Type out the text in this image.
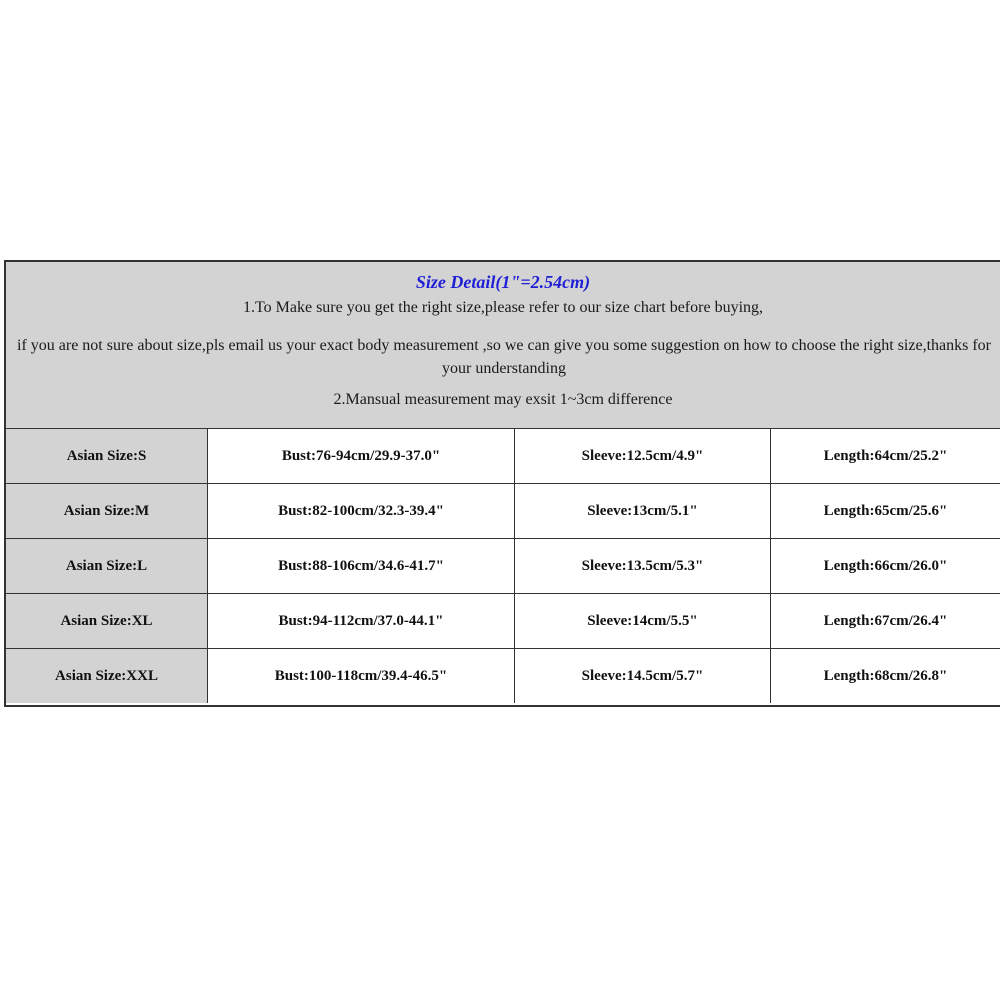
Size Detail(1"=2.54cm)
1.To Make sure you get the right size,please refer to our size chart before buying,
if you are not sure about size,pls email us your exact body measurement ,so we can give you some suggestion on how to choose the right size,thanks for your understanding
2.Mansual measurement may exsit 1~3cm difference
Asian Size:S	Bust:76-94cm/29.9-37.0"	Sleeve:12.5cm/4.9"	Length:64cm/25.2"
Asian Size:M	Bust:82-100cm/32.3-39.4"	Sleeve:13cm/5.1"	Length:65cm/25.6"
Asian Size:L	Bust:88-106cm/34.6-41.7"	Sleeve:13.5cm/5.3"	Length:66cm/26.0"
Asian Size:XL	Bust:94-112cm/37.0-44.1"	Sleeve:14cm/5.5"	Length:67cm/26.4"
Asian Size:XXL	Bust:100-118cm/39.4-46.5"	Sleeve:14.5cm/5.7"	Length:68cm/26.8"
